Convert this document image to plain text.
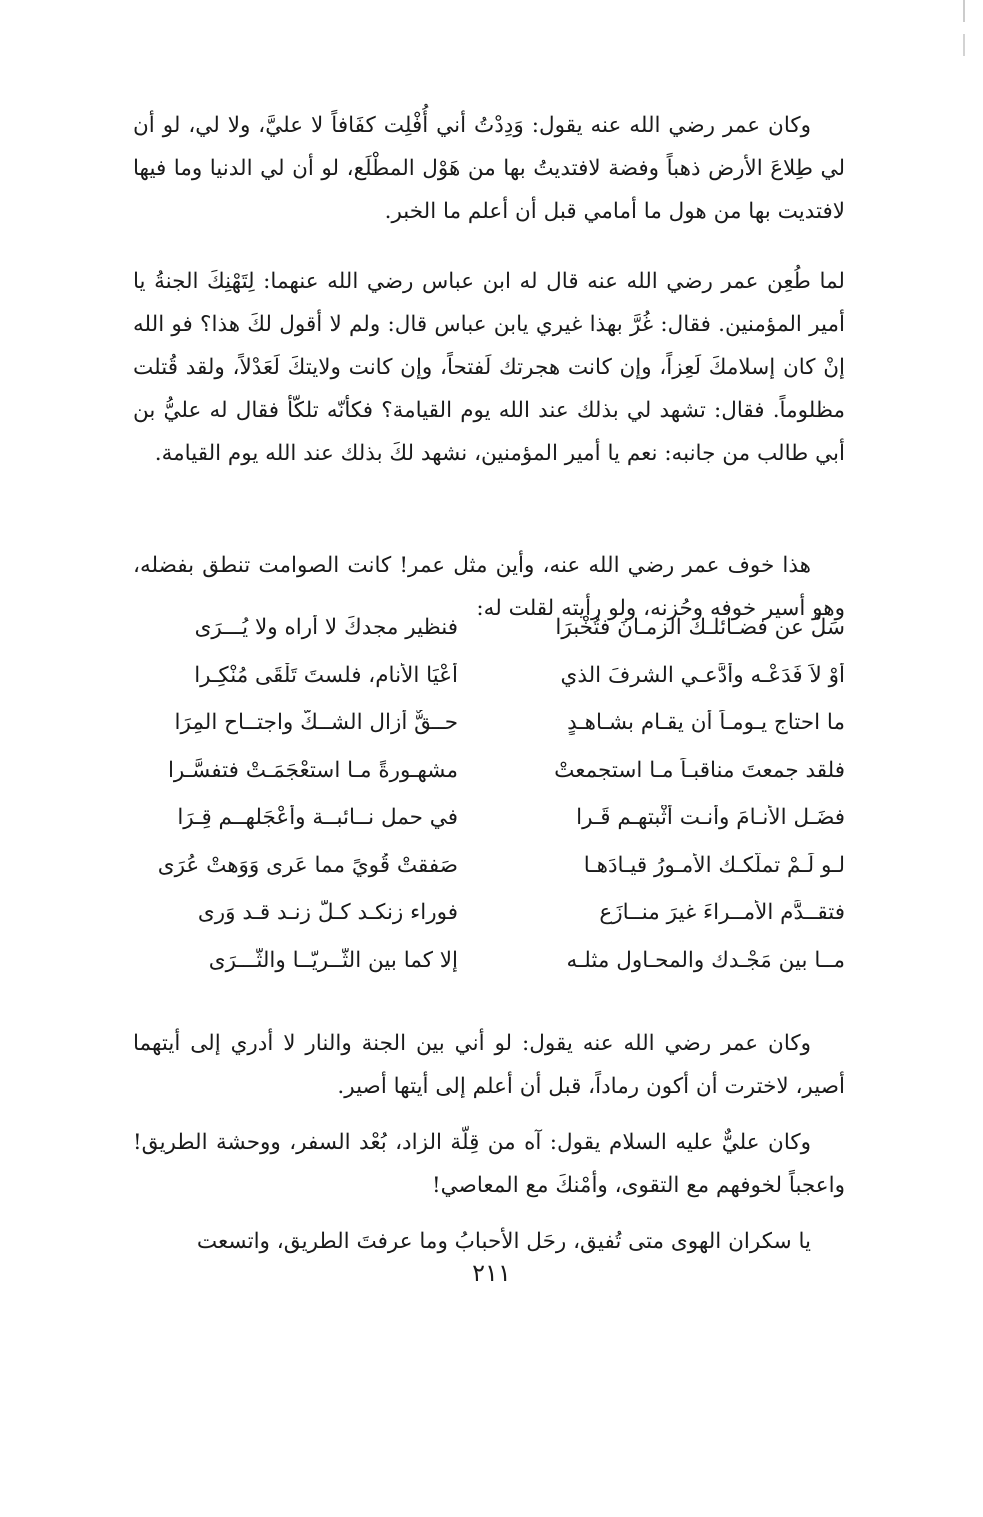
وكان عمر رضي الله عنه يقول: وَدِدْتُ أني أُفْلِت كفَافاً لا عليَّ، ولا لي، لو أن لي طِلاعَ الأرض ذهباً وفضة لافتديتُ بها من هَوْل المطْلَع، لو أن لي الدنيا وما فيها لافتديت بها من هول ما أمامي قبل أن أعلم ما الخبر.

لما طُعِن عمر رضي الله عنه قال له ابن عباس رضي الله عنهما: لِتَهْنِكَ الجنةُ يا أمير المؤمنين. فقال: غُرَّ بهذا غيري يابن عباس قال: ولم لا أقول لكَ هذا؟ فو الله إنْ كان إسلامكَ لَعِزاً، وإن كانت هجرتك لَفتحاً، وإن كانت ولايتكَ لَعَدْلاً، ولقد قُتلت مظلوماً. فقال: تشهد لي بذلك عند الله يوم القيامة؟ فكأنّه تلكّأ فقال له عليُّ بن أبي طالب من جانبه: نعم يا أمير المؤمنين، نشهد لكَ بذلك عند الله يوم القيامة.

هذا خوف عمر رضي الله عنه، وأين مثل عمر! كانت الصوامت تنطق بفضله، وهو أسير خوفه وحُزنه، ولو رأيته لقلت له:

سَلْ عن فضـائلـك الزمـانَ فتُخْبرَا
فنظير مجدكَ لا أراه ولا يُـــرَى
أوْ لاَ فَدَعْـه وأدَّعـي الشرفَ الذي
أعْيَا الأنام، فلستَ تَلْقَى مُنْكِـرا
ما احتاج يـومـاً أن يقـام بشـاهـدٍ
حــقٌّ أزال الشــكَّ واجتــاح المِرَا
فلقد جمعتَ مناقبـاً مـا استجمعتْ
مشهـورةً مـا استعْجَمَـتْ فتفسَّـرا
فضَـل الأنـامَ وأنـت أثْبتهـم قَـرا
في حمل نــائبــة وأعْجَلهــم قِـرَا
لـو لَـمْ تملّكـك الأمـورُ قيـادَهـا
صَفقتْ قُويً مما عَرى وَوَهتْ عُرَى
فتقــدَّم الأمــراءَ غيرَ منــازَعٍ
فوراء زنكـد كـلُّ زنـد قـد وَرى
مــا بين مَجْـدك والمحـاول مثلـه
إلا كما بين الثُّــريّــا والثَّـــرَى

وكان عمر رضي الله عنه يقول: لو أني بين الجنة والنار لا أدري إلى أيتهما أصير، لاخترت أن أكون رماداً، قبل أن أعلم إلى أيتها أصير.

وكان عليٌّ عليه السلام يقول: آه من قِلّة الزاد، بُعْد السفر، ووحشة الطريق! واعجباً لخوفهم مع التقوى، وأمْنكَ مع المعاصي!

يا سكران الهوى متى تُفيق، رحَل الأحبابُ وما عرفتَ الطريق، واتسعت

٢١١
